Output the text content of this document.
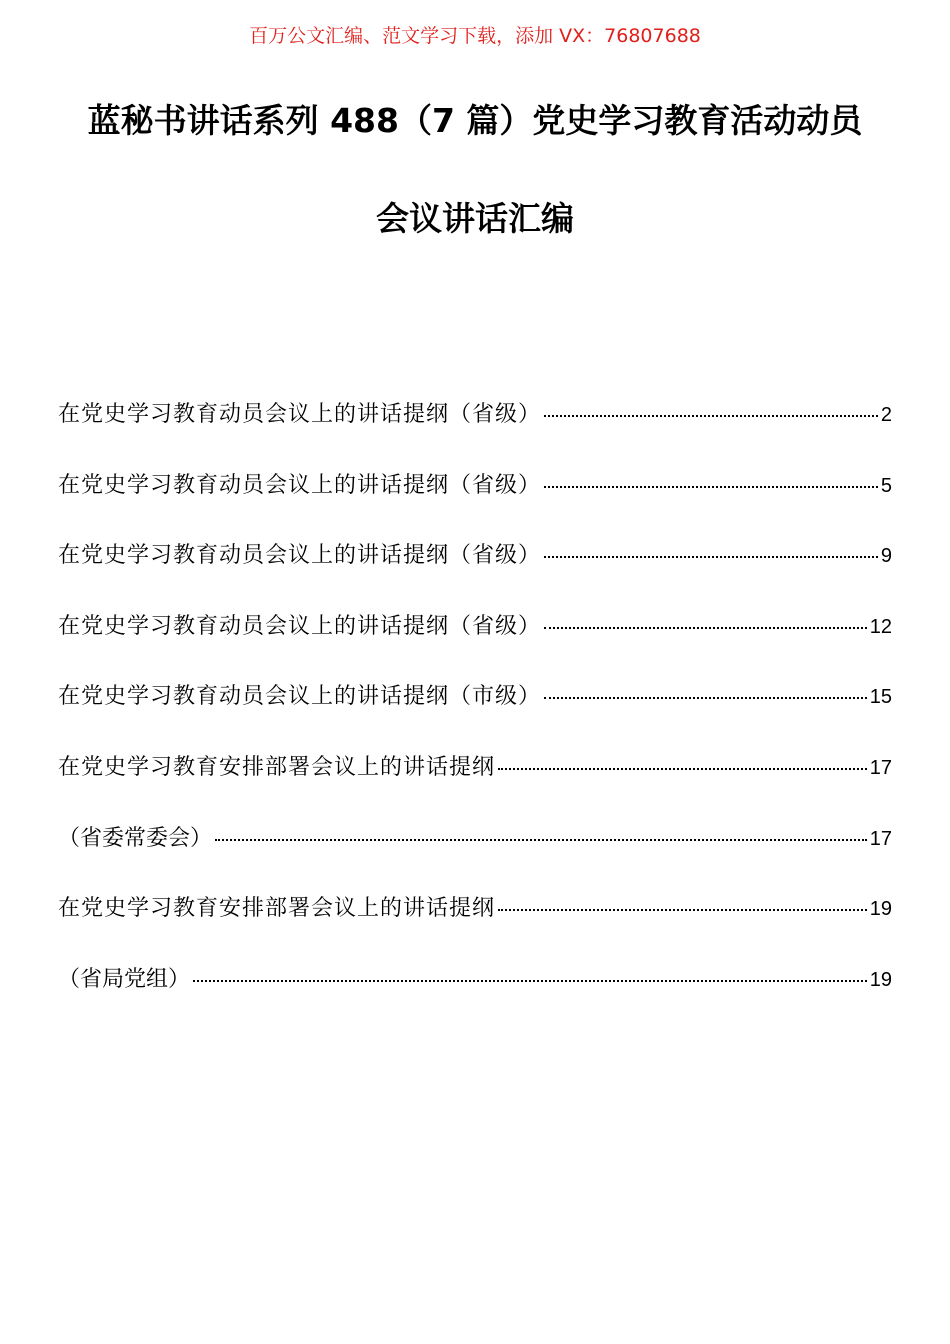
百万公文汇编、范文学习下载，添加 VX：76807688
蓝秘书讲话系列 488（7 篇）党史学习教育活动动员
会议讲话汇编
在党史学习教育动员会议上的讲话提纲（省级）	2
在党史学习教育动员会议上的讲话提纲（省级）	5
在党史学习教育动员会议上的讲话提纲（省级）	9
在党史学习教育动员会议上的讲话提纲（省级）	12
在党史学习教育动员会议上的讲话提纲（市级）	15
在党史学习教育安排部署会议上的讲话提纲	17
（省委常委会）	17
在党史学习教育安排部署会议上的讲话提纲	19
（省局党组）	19
